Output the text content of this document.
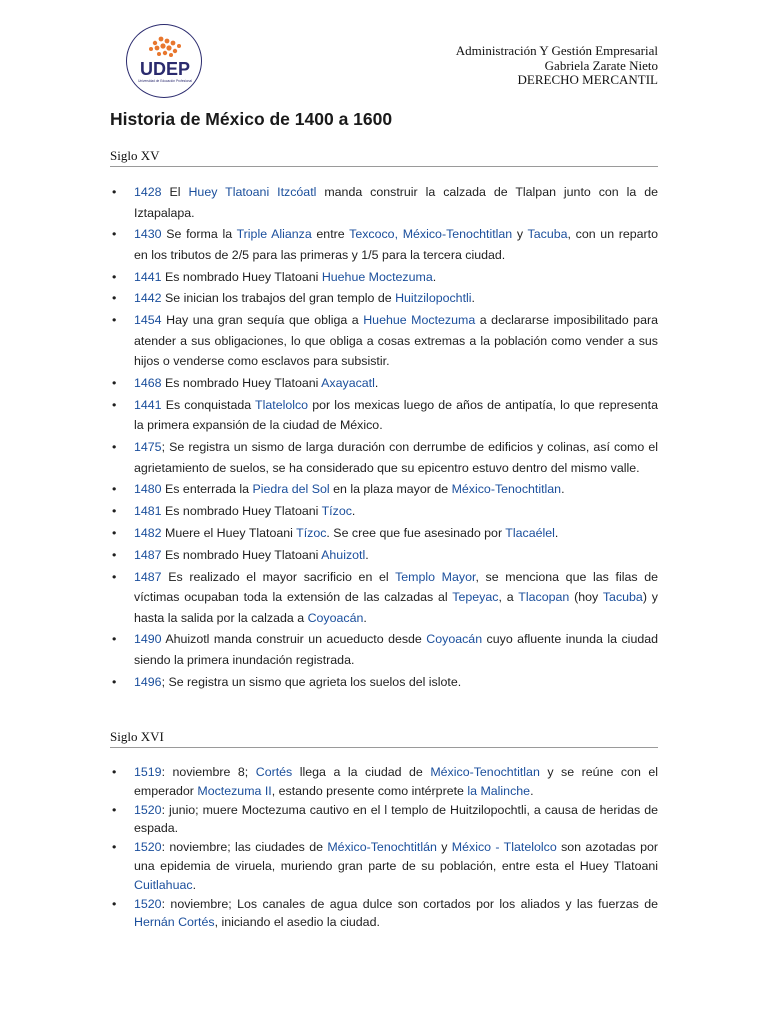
UDEP
Universidad de Educación Profesional
Administración Y Gestión Empresarial
Gabriela Zarate Nieto
DERECHO MERCANTIL
Historia de México de 1400 a 1600
Siglo XV
• 1428 El Huey Tlatoani Itzcóatl manda construir la calzada de Tlalpan junto con la de Iztapalapa.
• 1430 Se forma la Triple Alianza entre Texcoco, México-Tenochtitlan y Tacuba, con un reparto en los tributos de 2/5 para las primeras y 1/5 para la tercera ciudad.
• 1441 Es nombrado Huey Tlatoani Huehue Moctezuma.
• 1442 Se inician los trabajos del gran templo de Huitzilopochtli.
• 1454 Hay una gran sequía que obliga a Huehue Moctezuma a declararse imposibilitado para atender a sus obligaciones, lo que obliga a cosas extremas a la población como vender a sus hijos o venderse como esclavos para subsistir.
• 1468 Es nombrado Huey Tlatoani Axayacatl.
• 1441 Es conquistada Tlatelolco por los mexicas luego de años de antipatía, lo que representa la primera expansión de la ciudad de México.
• 1475; Se registra un sismo de larga duración con derrumbe de edificios y colinas, así como el agrietamiento de suelos, se ha considerado que su epicentro estuvo dentro del mismo valle.
• 1480 Es enterrada la Piedra del Sol en la plaza mayor de México-Tenochtitlan.
• 1481 Es nombrado Huey Tlatoani Tízoc.
• 1482 Muere el Huey Tlatoani Tízoc. Se cree que fue asesinado por Tlacaélel.
• 1487 Es nombrado Huey Tlatoani Ahuizotl.
• 1487 Es realizado el mayor sacrificio en el Templo Mayor, se menciona que las filas de víctimas ocupaban toda la extensión de las calzadas al Tepeyac, a Tlacopan (hoy Tacuba) y hasta la salida por la calzada a Coyoacán.
• 1490 Ahuizotl manda construir un acueducto desde Coyoacán cuyo afluente inunda la ciudad siendo la primera inundación registrada.
• 1496; Se registra un sismo que agrieta los suelos del islote.
Siglo XVI
• 1519: noviembre 8; Cortés llega a la ciudad de México-Tenochtitlan y se reúne con el emperador Moctezuma II, estando presente como intérprete la Malinche.
• 1520: junio; muere Moctezuma cautivo en el l templo de Huitzilopochtli, a causa de heridas de espada.
• 1520: noviembre; las ciudades de México-Tenochtitlán y México - Tlatelolco son azotadas por una epidemia de viruela, muriendo gran parte de su población, entre esta el Huey Tlatoani Cuitlahuac.
• 1520: noviembre; Los canales de agua dulce son cortados por los aliados y las fuerzas de Hernán Cortés, iniciando el asedio la ciudad.
